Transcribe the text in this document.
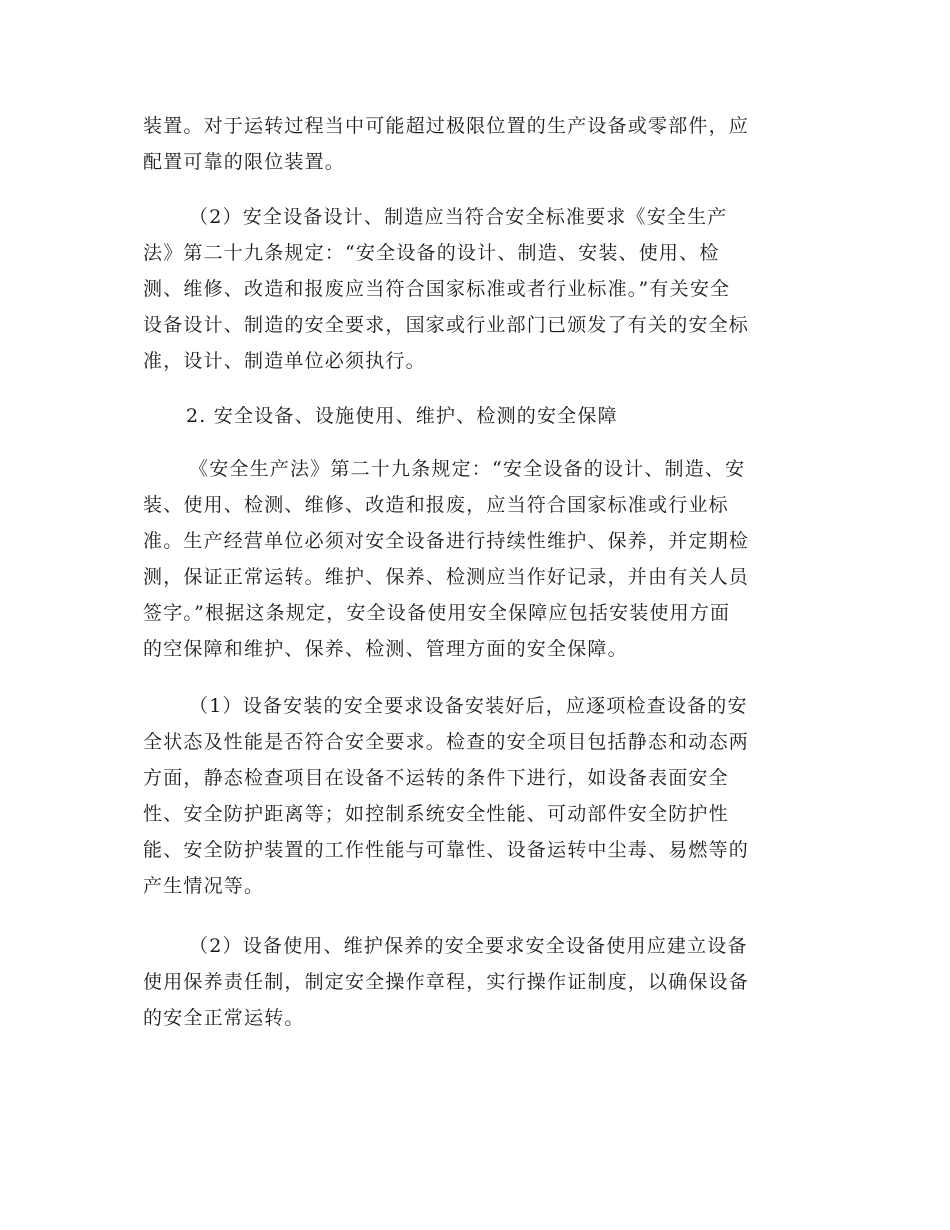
装置。对于运转过程当中可能超过极限位置的生产设备或零部件，应
配置可靠的限位装置。
（2）安全设备设计、制造应当符合安全标准要求《安全生产
法》第二十九条规定：“安全设备的设计、制造、安装、使用、检
测、维修、改造和报废应当符合国家标准或者行业标准。”有关安全
设备设计、制造的安全要求，国家或行业部门已颁发了有关的安全标
准，设计、制造单位必须执行。
2. 安全设备、设施使用、维护、检测的安全保障
《安全生产法》第二十九条规定：“安全设备的设计、制造、安
装、使用、检测、维修、改造和报废，应当符合国家标准或行业标
准。生产经营单位必须对安全设备进行持续性维护、保养，并定期检
测，保证正常运转。维护、保养、检测应当作好记录，并由有关人员
签字。”根据这条规定，安全设备使用安全保障应包括安装使用方面
的空保障和维护、保养、检测、管理方面的安全保障。
（1）设备安装的安全要求设备安装好后，应逐项检查设备的安
全状态及性能是否符合安全要求。检查的安全项目包括静态和动态两
方面，静态检查项目在设备不运转的条件下进行，如设备表面安全
性、安全防护距离等；如控制系统安全性能、可动部件安全防护性
能、安全防护装置的工作性能与可靠性、设备运转中尘毒、易燃等的
产生情况等。
（2）设备使用、维护保养的安全要求安全设备使用应建立设备
使用保养责任制，制定安全操作章程，实行操作证制度，以确保设备
的安全正常运转。
